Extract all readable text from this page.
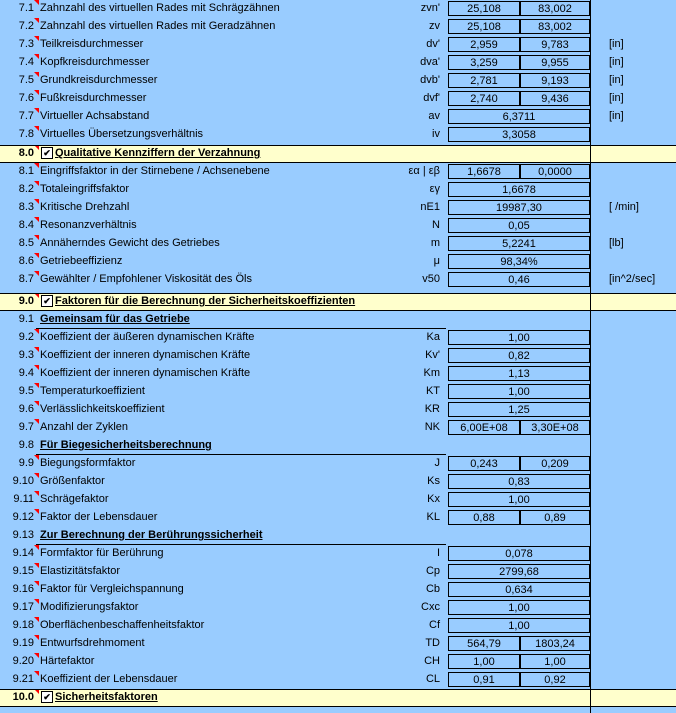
7.1 Zahnzahl des virtuellen Rades mit Schrägzähnen	zvn'	25,108	83,002
7.2 Zahnzahl des virtuellen Rades mit Geradzähnen	zv	25,108	83,002
7.3 Teilkreisdurchmesser	dv'	2,959	9,783	[in]
7.4 Kopfkreisdurchmesser	dva'	3,259	9,955	[in]
7.5 Grundkreisdurchmesser	dvb'	2,781	9,193	[in]
7.6 Fußkreisdurchmesser	dvf'	2,740	9,436	[in]
7.7 Virtueller Achsabstand	av	6,3711	[in]
7.8 Virtuelles Übersetzungsverhältnis	iv	3,3058
8.0 ✔ Qualitative Kennziffern der Verzahnung
8.1 Eingriffsfaktor in der Stirnebene / Achsenebene	εα | εβ	1,6678	0,0000
8.2 Totaleingriffsfaktor	εγ	1,6678
8.3 Kritische Drehzahl	nE1	19987,30	[ /min]
8.4 Resonanzverhältnis	N	0,05
8.5 Annäherndes Gewicht des Getriebes	m	5,2241	[lb]
8.6 Getriebeeffizienz	μ	98,34%
8.7 Gewählter / Empfohlener Viskosität des Öls	v50	0,46	[in^2/sec]
9.0 ✔ Faktoren für die Berechnung der Sicherheitskoeffizienten
9.1 Gemeinsam für das Getriebe
9.2 Koeffizient der äußeren dynamischen Kräfte	Ka	1,00
9.3 Koeffizient der inneren dynamischen Kräfte	Kv'	0,82
9.4 Koeffizient der inneren dynamischen Kräfte	Km	1,13
9.5 Temperaturkoeffizient	KT	1,00
9.6 Verlässlichkeitskoeffizient	KR	1,25
9.7 Anzahl der Zyklen	NK	6,00E+08	3,30E+08
9.8 Für Biegesicherheitsberechnung
9.9 Biegungsformfaktor	J	0,243	0,209
9.10 Größenfaktor	Ks	0,83
9.11 Schrägefaktor	Kx	1,00
9.12 Faktor der Lebensdauer	KL	0,88	0,89
9.13 Zur Berechnung der Berührungssicherheit
9.14 Formfaktor für Berührung	I	0,078
9.15 Elastizitätsfaktor	Cp	2799,68
9.16 Faktor für Vergleichspannung	Cb	0,634
9.17 Modifizierungsfaktor	Cxc	1,00
9.18 Oberflächenbeschaffenheitsfaktor	Cf	1,00
9.19 Entwurfsdrehmoment	TD	564,79	1803,24
9.20 Härtefaktor	CH	1,00	1,00
9.21 Koeffizient der Lebensdauer	CL	0,91	0,92
10.0 ✔ Sicherheitsfaktoren
